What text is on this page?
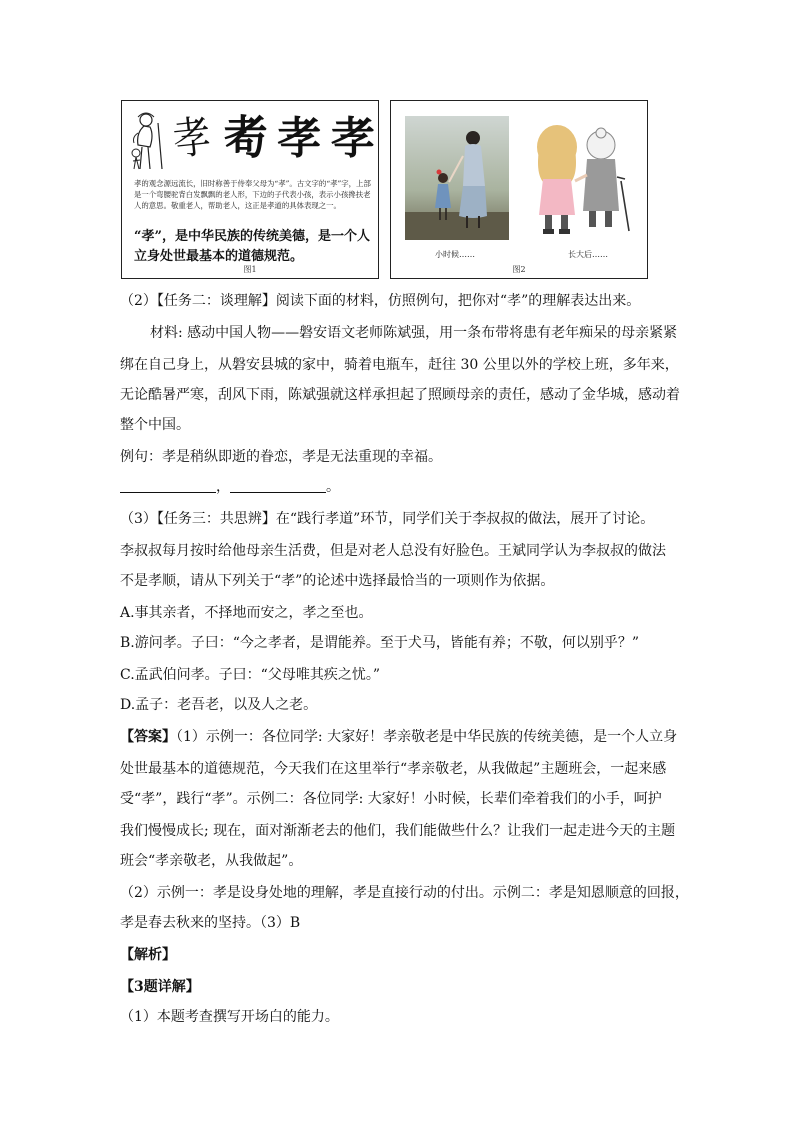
孝 耇 孝 孝
孝的观念源远流长，旧时称善于侍奉父母为“孝”。古文字的“孝”字，上部是一个弯腰驼背白发飘飘的老人形，下边的子代表小孩，表示小孩搀扶老人的意思。敬重老人，帮助老人，这正是孝道的具体表现之一。
“孝”，是中华民族的传统美德，是一个人立身处世最基本的道德规范。
图1
小时候……	长大后……
图2
（2）【任务二：谈理解】阅读下面的材料，仿照例句，把你对“孝”的理解表达出来。
材料: 感动中国人物——磐安语文老师陈斌强，用一条布带将患有老年痴呆的母亲紧紧
绑在自己身上，从磐安县城的家中，骑着电瓶车，赶往 30 公里以外的学校上班，多年来，
无论酷暑严寒，刮风下雨，陈斌强就这样承担起了照顾母亲的责任，感动了金华城，感动着
整个中国。
例句：孝是稍纵即逝的眷恋，孝是无法重现的幸福。
，	。
（3）【任务三：共思辨】在“践行孝道”环节，同学们关于李叔叔的做法，展开了讨论。
李叔叔每月按时给他母亲生活费，但是对老人总没有好脸色。王斌同学认为李叔叔的做法
不是孝顺，请从下列关于“孝”的论述中选择最恰当的一项则作为依据。
A.事其亲者，不择地而安之，孝之至也。
B.游问孝。子曰：“今之孝者，是谓能养。至于犬马，皆能有养；不敬，何以别乎？”
C.孟武伯问孝。子曰：“父母唯其疾之忧。”
D.孟子：老吾老，以及人之老。
【答案】（1）示例一：各位同学: 大家好！孝亲敬老是中华民族的传统美德，是一个人立身
处世最基本的道德规范，今天我们在这里举行“孝亲敬老，从我做起”主题班会，一起来感
受“孝”，践行“孝”。示例二：各位同学: 大家好！小时候，长辈们牵着我们的小手，呵护
我们慢慢成长; 现在，面对渐渐老去的他们，我们能做些什么？让我们一起走进今天的主题
班会“孝亲敬老，从我做起”。
（2）示例一：孝是设身处地的理解，孝是直接行动的付出。示例二：孝是知恩顺意的回报，
孝是春去秋来的坚持。（3）B
【解析】
【3题详解】
（1）本题考查撰写开场白的能力。
